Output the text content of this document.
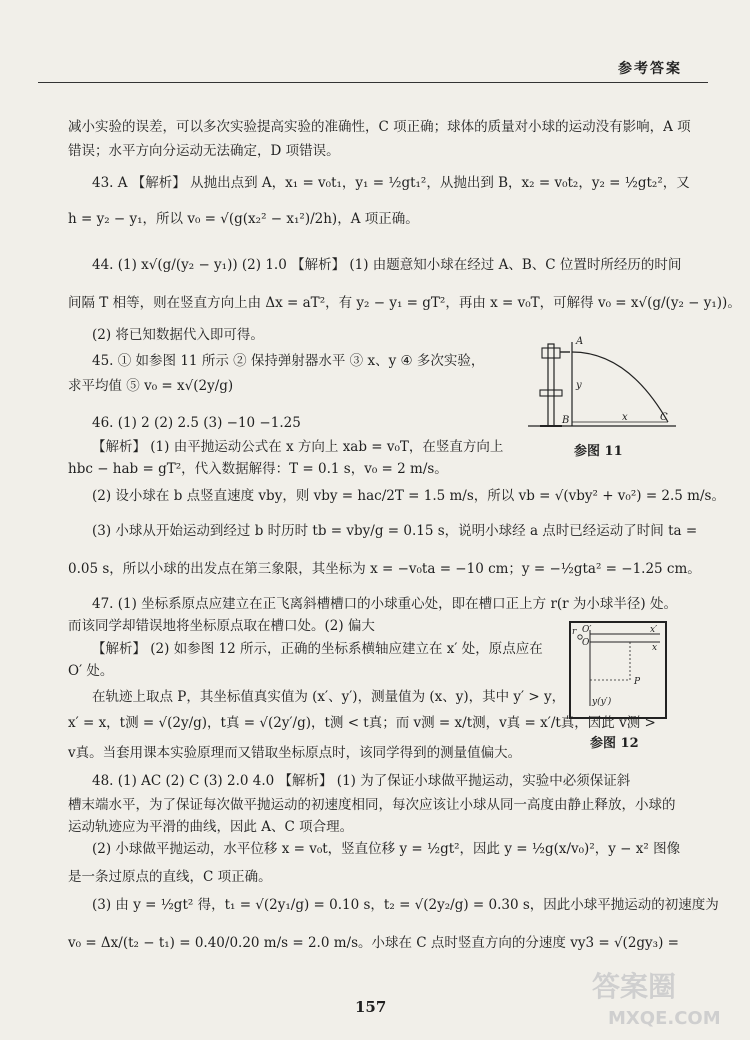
参考答案
减小实验的误差，可以多次实验提高实验的准确性，C 项正确；球体的质量对小球的运动没有影响，A 项
错误；水平方向分运动无法确定，D 项错误。
43. A 【解析】 从抛出点到 A，x₁ = v₀t₁，y₁ = ½gt₁²，从抛出到 B，x₂ = v₀t₂，y₂ = ½gt₂²，又
h = y₂ − y₁，所以 v₀ = √(g(x₂² − x₁²)/2h)，A 项正确。
44. (1) x√(g/(y₂ − y₁)) (2) 1.0 【解析】 (1) 由题意知小球在经过 A、B、C 位置时所经历的时间
间隔 T 相等，则在竖直方向上由 Δx = aT²，有 y₂ − y₁ = gT²，再由 x = v₀T，可解得 v₀ = x√(g/(y₂ − y₁))。
(2) 将已知数据代入即可得。
45. ① 如参图 11 所示 ② 保持弹射器水平 ③ x、y ④ 多次实验，
求平均值 ⑤ v₀ = x√(2y/g)
46. (1) 2 (2) 2.5 (3) −10 −1.25
【解析】 (1) 由平抛运动公式在 x 方向上 xab = v₀T，在竖直方向上
hbc − hab = gT²，代入数据解得：T = 0.1 s，v₀ = 2 m/s。
(2) 设小球在 b 点竖直速度 vby，则 vby = hac/2T = 1.5 m/s，所以 vb = √(vby² + v₀²) = 2.5 m/s。
(3) 小球从开始运动到经过 b 时历时 tb = vby/g = 0.15 s，说明小球经 a 点时已经运动了时间 ta =
0.05 s，所以小球的出发点在第三象限，其坐标为 x = −v₀ta = −10 cm；y = −½gta² = −1.25 cm。
47. (1) 坐标系原点应建立在正飞离斜槽槽口的小球重心处，即在槽口正上方 r(r 为小球半径) 处。
而该同学却错误地将坐标原点取在槽口处。(2) 偏大
【解析】 (2) 如参图 12 所示，正确的坐标系横轴应建立在 x′ 处，原点应在
O′ 处。
在轨迹上取点 P，其坐标值真实值为 (x′、y′)，测量值为 (x、y)，其中 y′ > y，
x′ = x，t测 = √(2y/g)，t真 = √(2y′/g)，t测 < t真；而 v测 = x/t测，v真 = x′/t真，因此 v测 >
v真。当套用课本实验原理而又错取坐标原点时，该同学得到的测量值偏大。
48. (1) AC (2) C (3) 2.0 4.0 【解析】 (1) 为了保证小球做平抛运动，实验中必须保证斜
槽末端水平，为了保证每次做平抛运动的初速度相同，每次应该让小球从同一高度由静止释放，小球的
运动轨迹应为平滑的曲线，因此 A、C 项合理。
(2) 小球做平抛运动，水平位移 x = v₀t，竖直位移 y = ½gt²，因此 y = ½g(x/v₀)²，y − x² 图像
是一条过原点的直线，C 项正确。
(3) 由 y = ½gt² 得，t₁ = √(2y₁/g) = 0.10 s，t₂ = √(2y₂/g) = 0.30 s，因此小球平抛运动的初速度为
v₀ = Δx/(t₂ − t₁) = 0.40/0.20 m/s = 2.0 m/s。小球在 C 点时竖直方向的分速度 vy3 = √(2gy₃) =
A
y
B	x	C
参图 11
r O′
O
x′
x
P
y(y′)
参图 12
157
答案圈
MXQE.COM
